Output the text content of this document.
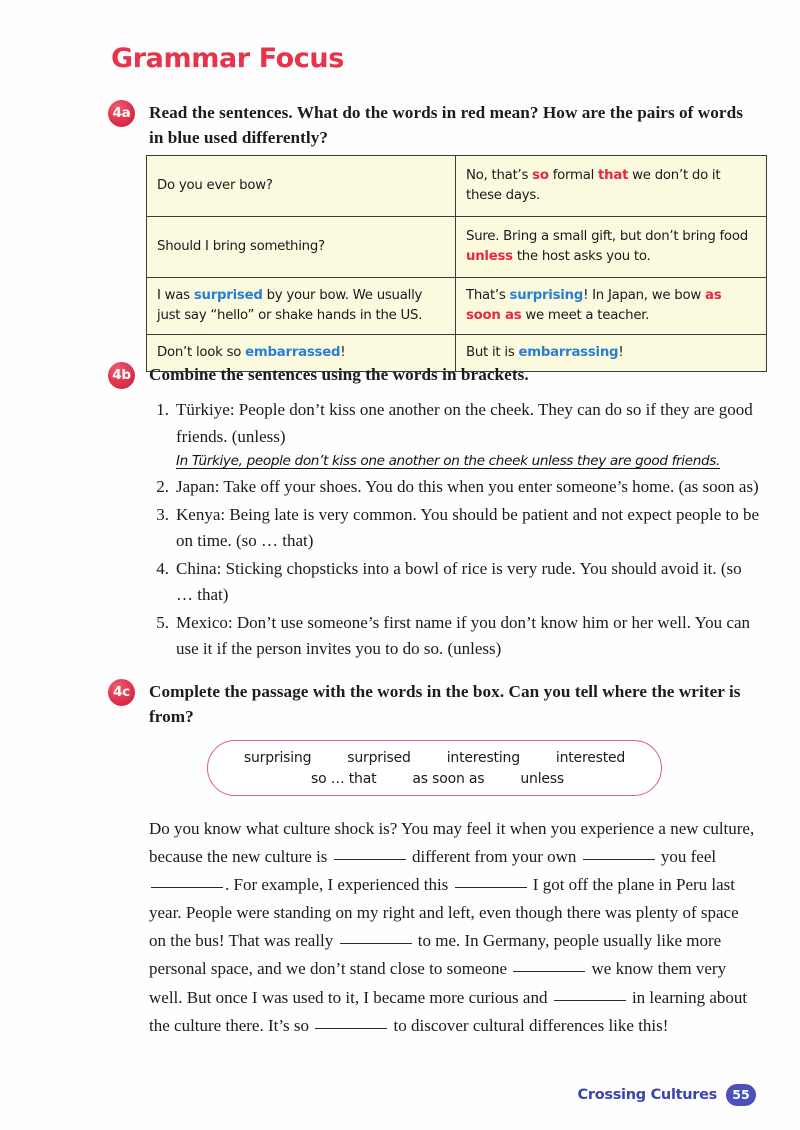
Grammar Focus
4a Read the sentences. What do the words in red mean? How are the pairs of words in blue used differently?
Do you ever bow?	No, that’s so formal that we don’t do it these days.
Should I bring something?	Sure. Bring a small gift, but don’t bring food unless the host asks you to.
I was surprised by your bow. We usually just say “hello” or shake hands in the US.	That’s surprising! In Japan, we bow as soon as we meet a teacher.
Don’t look so embarrassed!	But it is embarrassing!
4b Combine the sentences using the words in brackets.
1. Türkiye: People don’t kiss one another on the cheek. They can do so if they are good friends. (unless)
In Türkiye, people don’t kiss one another on the cheek unless they are good friends.
2. Japan: Take off your shoes. You do this when you enter someone’s home. (as soon as)
3. Kenya: Being late is very common. You should be patient and not expect people to be on time. (so … that)
4. China: Sticking chopsticks into a bowl of rice is very rude. You should avoid it. (so … that)
5. Mexico: Don’t use someone’s first name if you don’t know him or her well. You can use it if the person invites you to do so. (unless)
4c Complete the passage with the words in the box. Can you tell where the writer is from?
surprising	surprised	interesting	interested
so … that	as soon as	unless
Do you know what culture shock is? You may feel it when you experience a new culture, because the new culture is	different from your own	you feel . For example, I experienced this	I got off the plane in Peru last year. People were standing on my right and left, even though there was plenty of space on the bus! That was really	to me. In Germany, people usually like more personal space, and we don’t stand close to someone	we know them very well. But once I was used to it, I became more curious and	in learning about the culture there. It’s so	to discover cultural differences like this!
Crossing Cultures	55
